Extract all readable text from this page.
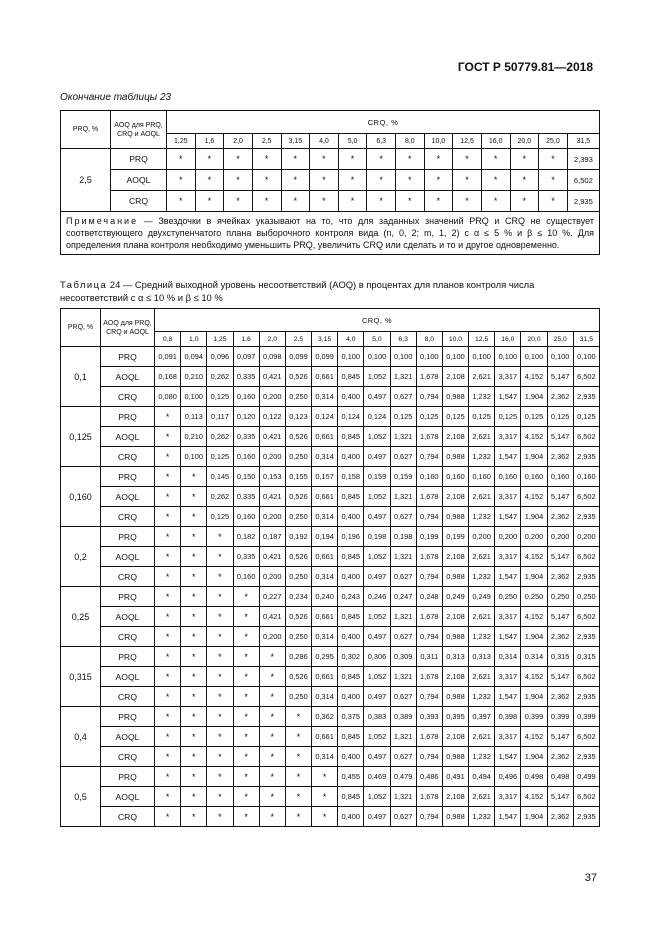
ГОСТ Р 50779.81—2018
Окончание таблицы 23
PRQ, %	AOQ для PRQ, CRQ и AOQL	CRQ, %														
		1,25	1,6	2,0	2,5	3,15	4,0	5,0	6,3	8,0	10,0	12,5	16,0	20,0	25,0	31,5
2,5	PRQ	*	*	*	*	*	*	*	*	*	*	*	*	*	*	2,393
	AOQL	*	*	*	*	*	*	*	*	*	*	*	*	*	*	6,502
	CRQ	*	*	*	*	*	*	*	*	*	*	*	*	*	*	2,935
Примечание — Звездочки в ячейках указывают на то, что для заданных значений PRQ и CRQ не существует соответствующего двухступенчатого плана выборочного контроля вида (n, 0, 2; m, 1, 2) с α ≤ 5 % и β ≤ 10 %. Для определения плана контроля необходимо уменьшить PRQ, увеличить CRQ или сделать и то и другое одновременно.																
Таблица 24 — Средний выходной уровень несоответствий (AOQ) в процентах для планов контроля числа несоответствий с α ≤ 10 % и β ≤ 10 %
PRQ, %	AOQ для PRQ, CRQ и AOQL	CRQ, %																
		0,8	1,0	1,25	1,6	2,0	2,5	3,15	4,0	5,0	6,3	8,0	10,0	12,5	16,0	20,0	25,0	31,5
0,1	PRQ	0,091	0,094	0,096	0,097	0,098	0,099	0,099	0,100	0,100	0,100	0,100	0,100	0,100	0,100	0,100	0,100	0,100
	AOQL	0,168	0,210	0,262	0,335	0,421	0,526	0,661	0,845	1,052	1,321	1,678	2,108	2,621	3,317	4,152	5,147	6,502
	CRQ	0,080	0,100	0,125	0,160	0,200	0,250	0,314	0,400	0,497	0,627	0,794	0,988	1,232	1,547	1,904	2,362	2,935
0,125	PRQ	*	0,113	0,117	0,120	0,122	0,123	0,124	0,124	0,124	0,125	0,125	0,125	0,125	0,125	0,125	0,125	0,125
	AOQL	*	0,210	0,262	0,335	0,421	0,526	0,661	0,845	1,052	1,321	1,678	2,108	2,621	3,317	4,152	5,147	6,502
	CRQ	*	0,100	0,125	0,160	0,200	0,250	0,314	0,400	0,497	0,627	0,794	0,988	1,232	1,547	1,904	2,362	2,935
0,160	PRQ	*	*	0,145	0,150	0,153	0,155	0,157	0,158	0,159	0,159	0,160	0,160	0,160	0,160	0,160	0,160	0,160
	AOQL	*	*	0,262	0,335	0,421	0,526	0,661	0,845	1,052	1,321	1,678	2,108	2,621	3,317	4,152	5,147	6,502
	CRQ	*	*	0,125	0,160	0,200	0,250	0,314	0,400	0,497	0,627	0,794	0,988	1,232	1,547	1,904	2,362	2,935
0,2	PRQ	*	*	*	0,182	0,187	0,192	0,194	0,196	0,198	0,198	0,199	0,199	0,200	0,200	0,200	0,200	0,200
	AOQL	*	*	*	0,335	0,421	0,526	0,661	0,845	1,052	1,321	1,678	2,108	2,621	3,317	4,152	5,147	6,502
	CRQ	*	*	*	0,160	0,200	0,250	0,314	0,400	0,497	0,627	0,794	0,988	1,232	1,547	1,904	2,362	2,935
0,25	PRQ	*	*	*	*	0,227	0,234	0,240	0,243	0,246	0,247	0,248	0,249	0,249	0,250	0,250	0,250	0,250
	AOQL	*	*	*	*	0,421	0,526	0,661	0,845	1,052	1,321	1,678	2,108	2,621	3,317	4,152	5,147	6,502
	CRQ	*	*	*	*	0,200	0,250	0,314	0,400	0,497	0,627	0,794	0,988	1,232	1,547	1,904	2,362	2,935
0,315	PRQ	*	*	*	*	*	0,286	0,295	0,302	0,306	0,309	0,311	0,313	0,313	0,314	0,314	0,315	0,315
	AOQL	*	*	*	*	*	0,526	0,661	0,845	1,052	1,321	1,678	2,108	2,621	3,317	4,152	5,147	6,502
	CRQ	*	*	*	*	*	0,250	0,314	0,400	0,497	0,627	0,794	0,988	1,232	1,547	1,904	2,362	2,935
0,4	PRQ	*	*	*	*	*	*	0,362	0,375	0,383	0,389	0,393	0,395	0,397	0,398	0,399	0,399	0,399
	AOQL	*	*	*	*	*	*	0,661	0,845	1,052	1,321	1,678	2,108	2,621	3,317	4,152	5,147	6,502
	CRQ	*	*	*	*	*	*	0,314	0,400	0,497	0,627	0,794	0,988	1,232	1,547	1,904	2,362	2,935
0,5	PRQ	*	*	*	*	*	*	*	0,455	0,469	0,479	0,486	0,491	0,494	0,496	0,498	0,498	0,499
	AOQL	*	*	*	*	*	*	*	0,845	1,052	1,321	1,678	2,108	2,621	3,317	4,152	5,147	6,502
	CRQ	*	*	*	*	*	*	*	0,400	0,497	0,627	0,794	0,988	1,232	1,547	1,904	2,362	2,935
37
